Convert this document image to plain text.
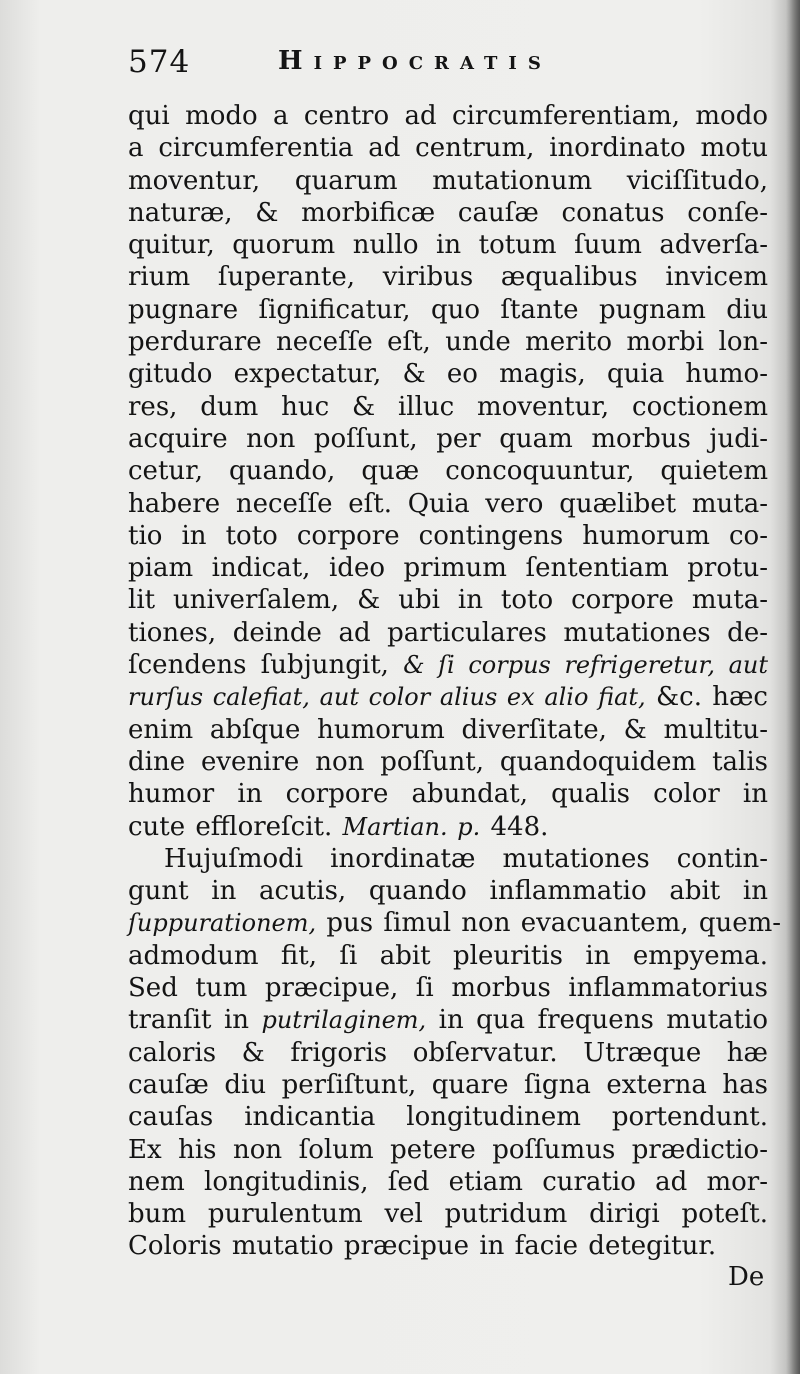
574	Hippocratis
qui modo a centro ad circumferentiam, modo
a circumferentia ad centrum, inordinato motu
moventur, quarum mutationum viciſſitudo,
naturæ, & morbificæ cauſæ conatus conſe-
quitur, quorum nullo in totum ſuum adverſa-
rium ſuperante, viribus æqualibus invicem
pugnare ſignificatur, quo ſtante pugnam diu
perdurare neceſſe eſt, unde merito morbi lon-
gitudo expectatur, & eo magis, quia humo-
res, dum huc & illuc moventur, coctionem
acquire non poſſunt, per quam morbus judi-
cetur, quando, quæ concoquuntur, quietem
habere neceſſe eſt. Quia vero quælibet muta-
tio in toto corpore contingens humorum co-
piam indicat, ideo primum ſententiam protu-
lit univerſalem, & ubi in toto corpore muta-
tiones, deinde ad particulares mutationes de-
ſcendens ſubjungit, & ſi corpus refrigeretur, aut
rurſus calefiat, aut color alius ex alio fiat, &c. hæc
enim abſque humorum diverſitate, & multitu-
dine evenire non poſſunt, quandoquidem talis
humor in corpore abundat, qualis color in
cute effloreſcit. Martian. p. 448.
Hujuſmodi inordinatæ mutationes contin-
gunt in acutis, quando inflammatio abit in
ſuppurationem, pus ſimul non evacuantem, quem-
admodum fit, ſi abit pleuritis in empyema.
Sed tum præcipue, ſi morbus inflammatorius
tranſit in putrilaginem, in qua frequens mutatio
caloris & frigoris obſervatur. Utræque hæ
cauſæ diu perſiſtunt, quare ſigna externa has
cauſas indicantia longitudinem portendunt.
Ex his non ſolum petere poſſumus prædictio-
nem longitudinis, ſed etiam curatio ad mor-
bum purulentum vel putridum dirigi poteſt.
Coloris mutatio præcipue in facie detegitur.
De
